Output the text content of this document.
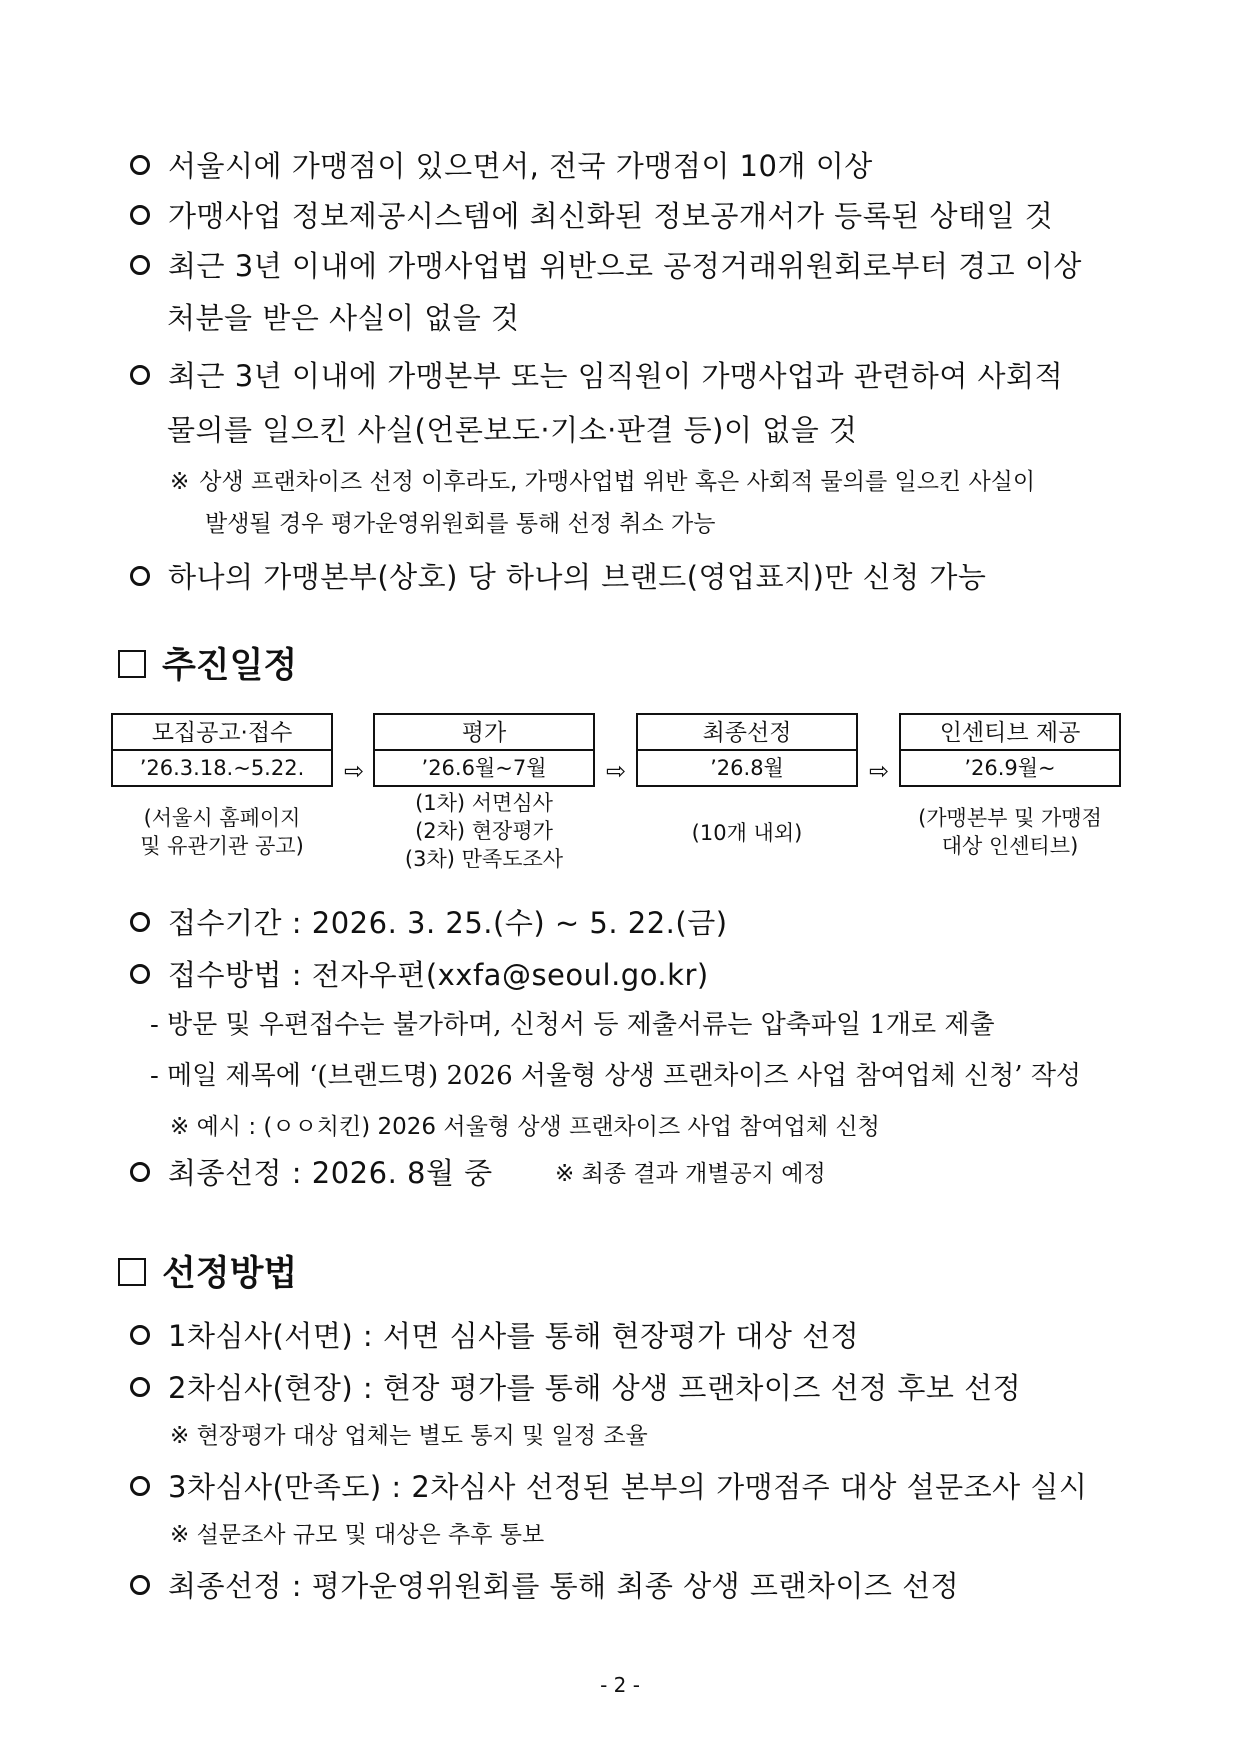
서울시에 가맹점이 있으면서, 전국 가맹점이 10개 이상
가맹사업 정보제공시스템에 최신화된 정보공개서가 등록된 상태일 것
최근 3년 이내에 가맹사업법 위반으로 공정거래위원회로부터 경고 이상
처분을 받은 사실이 없을 것
최근 3년 이내에 가맹본부 또는 임직원이 가맹사업과 관련하여 사회적
물의를 일으킨 사실(언론보도·기소·판결 등)이 없을 것
※ 상생 프랜차이즈 선정 이후라도, 가맹사업법 위반 혹은 사회적 물의를 일으킨 사실이
발생될 경우 평가운영위원회를 통해 선정 취소 가능
하나의 가맹본부(상호) 당 하나의 브랜드(영업표지)만 신청 가능
추진일정
모집공고·접수
’26.3.18.~5.22.	⇨
평가
’26.6월~7월	⇨
최종선정
’26.8월	⇨
인센티브 제공
’26.9월~
(서울시 홈페이지
및 유관기관 공고)
(1차) 서면심사
(2차) 현장평가
(3차) 만족도조사
(10개 내외)
(가맹본부 및 가맹점
대상 인센티브)
접수기간 : 2026. 3. 25.(수) ~ 5. 22.(금)
접수방법 : 전자우편(xxfa@seoul.go.kr)
- 방문 및 우편접수는 불가하며, 신청서 등 제출서류는 압축파일 1개로 제출
- 메일 제목에 ‘(브랜드명) 2026 서울형 상생 프랜차이즈 사업 참여업체 신청’ 작성
※ 예시 : (ㅇㅇ치킨) 2026 서울형 상생 프랜차이즈 사업 참여업체 신청
최종선정 : 2026. 8월 중	※ 최종 결과 개별공지 예정
선정방법
1차심사(서면) : 서면 심사를 통해 현장평가 대상 선정
2차심사(현장) : 현장 평가를 통해 상생 프랜차이즈 선정 후보 선정
※ 현장평가 대상 업체는 별도 통지 및 일정 조율
3차심사(만족도) : 2차심사 선정된 본부의 가맹점주 대상 설문조사 실시
※ 설문조사 규모 및 대상은 추후 통보
최종선정 : 평가운영위원회를 통해 최종 상생 프랜차이즈 선정
- 2 -
